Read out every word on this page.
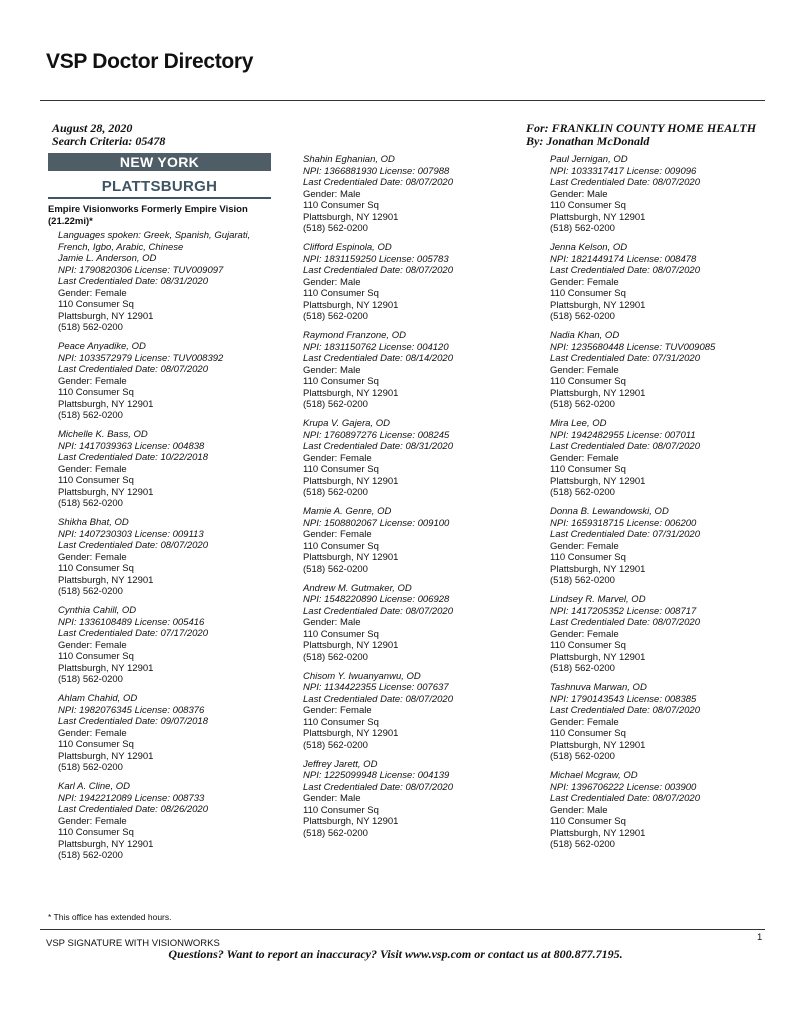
VSP Doctor Directory
August 28, 2020
Search Criteria: 05478
For: FRANKLIN COUNTY HOME HEALTH
By: Jonathan McDonald
NEW YORK
PLATTSBURGH
Empire Visionworks Formerly Empire Vision (21.22mi)*
Languages spoken: Greek, Spanish, Gujarati, French, Igbo, Arabic, Chinese
Jamie L. Anderson, OD
NPI: 1790820306 License: TUV009097
Last Credentialed Date: 08/31/2020
Gender: Female
110 Consumer Sq
Plattsburgh, NY 12901
(518) 562-0200
Peace Anyadike, OD
NPI: 1033572979 License: TUV008392
Last Credentialed Date: 08/07/2020
Gender: Female
110 Consumer Sq
Plattsburgh, NY 12901
(518) 562-0200
Michelle K. Bass, OD
NPI: 1417039363 License: 004838
Last Credentialed Date: 10/22/2018
Gender: Female
110 Consumer Sq
Plattsburgh, NY 12901
(518) 562-0200
Shikha Bhat, OD
NPI: 1407230303 License: 009113
Last Credentialed Date: 08/07/2020
Gender: Female
110 Consumer Sq
Plattsburgh, NY 12901
(518) 562-0200
Cynthia Cahill, OD
NPI: 1336108489 License: 005416
Last Credentialed Date: 07/17/2020
Gender: Female
110 Consumer Sq
Plattsburgh, NY 12901
(518) 562-0200
Ahlam Chahid, OD
NPI: 1982076345 License: 008376
Last Credentialed Date: 09/07/2018
Gender: Female
110 Consumer Sq
Plattsburgh, NY 12901
(518) 562-0200
Karl A. Cline, OD
NPI: 1942212089 License: 008733
Last Credentialed Date: 08/26/2020
Gender: Female
110 Consumer Sq
Plattsburgh, NY 12901
(518) 562-0200
Shahin Eghanian, OD
NPI: 1366881930 License: 007988
Last Credentialed Date: 08/07/2020
Gender: Male
110 Consumer Sq
Plattsburgh, NY 12901
(518) 562-0200
Clifford Espinola, OD
NPI: 1831159250 License: 005783
Last Credentialed Date: 08/07/2020
Gender: Male
110 Consumer Sq
Plattsburgh, NY 12901
(518) 562-0200
Raymond Franzone, OD
NPI: 1831150762 License: 004120
Last Credentialed Date: 08/14/2020
Gender: Male
110 Consumer Sq
Plattsburgh, NY 12901
(518) 562-0200
Krupa V. Gajera, OD
NPI: 1760897276 License: 008245
Last Credentialed Date: 08/31/2020
Gender: Female
110 Consumer Sq
Plattsburgh, NY 12901
(518) 562-0200
Mamie A. Genre, OD
NPI: 1508802067 License: 009100
Gender: Female
110 Consumer Sq
Plattsburgh, NY 12901
(518) 562-0200
Andrew M. Gutmaker, OD
NPI: 1548220890 License: 006928
Last Credentialed Date: 08/07/2020
Gender: Male
110 Consumer Sq
Plattsburgh, NY 12901
(518) 562-0200
Chisom Y. Iwuanyanwu, OD
NPI: 1134422355 License: 007637
Last Credentialed Date: 08/07/2020
Gender: Female
110 Consumer Sq
Plattsburgh, NY 12901
(518) 562-0200
Jeffrey Jarett, OD
NPI: 1225099948 License: 004139
Last Credentialed Date: 08/07/2020
Gender: Male
110 Consumer Sq
Plattsburgh, NY 12901
(518) 562-0200
Paul Jernigan, OD
NPI: 1033317417 License: 009096
Last Credentialed Date: 08/07/2020
Gender: Male
110 Consumer Sq
Plattsburgh, NY 12901
(518) 562-0200
Jenna Kelson, OD
NPI: 1821449174 License: 008478
Last Credentialed Date: 08/07/2020
Gender: Female
110 Consumer Sq
Plattsburgh, NY 12901
(518) 562-0200
Nadia Khan, OD
NPI: 1235680448 License: TUV009085
Last Credentialed Date: 07/31/2020
Gender: Female
110 Consumer Sq
Plattsburgh, NY 12901
(518) 562-0200
Mira Lee, OD
NPI: 1942482955 License: 007011
Last Credentialed Date: 08/07/2020
Gender: Female
110 Consumer Sq
Plattsburgh, NY 12901
(518) 562-0200
Donna B. Lewandowski, OD
NPI: 1659318715 License: 006200
Last Credentialed Date: 07/31/2020
Gender: Female
110 Consumer Sq
Plattsburgh, NY 12901
(518) 562-0200
Lindsey R. Marvel, OD
NPI: 1417205352 License: 008717
Last Credentialed Date: 08/07/2020
Gender: Female
110 Consumer Sq
Plattsburgh, NY 12901
(518) 562-0200
Tashnuva Marwan, OD
NPI: 1790143543 License: 008385
Last Credentialed Date: 08/07/2020
Gender: Female
110 Consumer Sq
Plattsburgh, NY 12901
(518) 562-0200
Michael Mcgraw, OD
NPI: 1396706222 License: 003900
Last Credentialed Date: 08/07/2020
Gender: Male
110 Consumer Sq
Plattsburgh, NY 12901
(518) 562-0200
* This office has extended hours.
VSP SIGNATURE WITH VISIONWORKS
1
Questions? Want to report an inaccuracy? Visit www.vsp.com or contact us at 800.877.7195.
